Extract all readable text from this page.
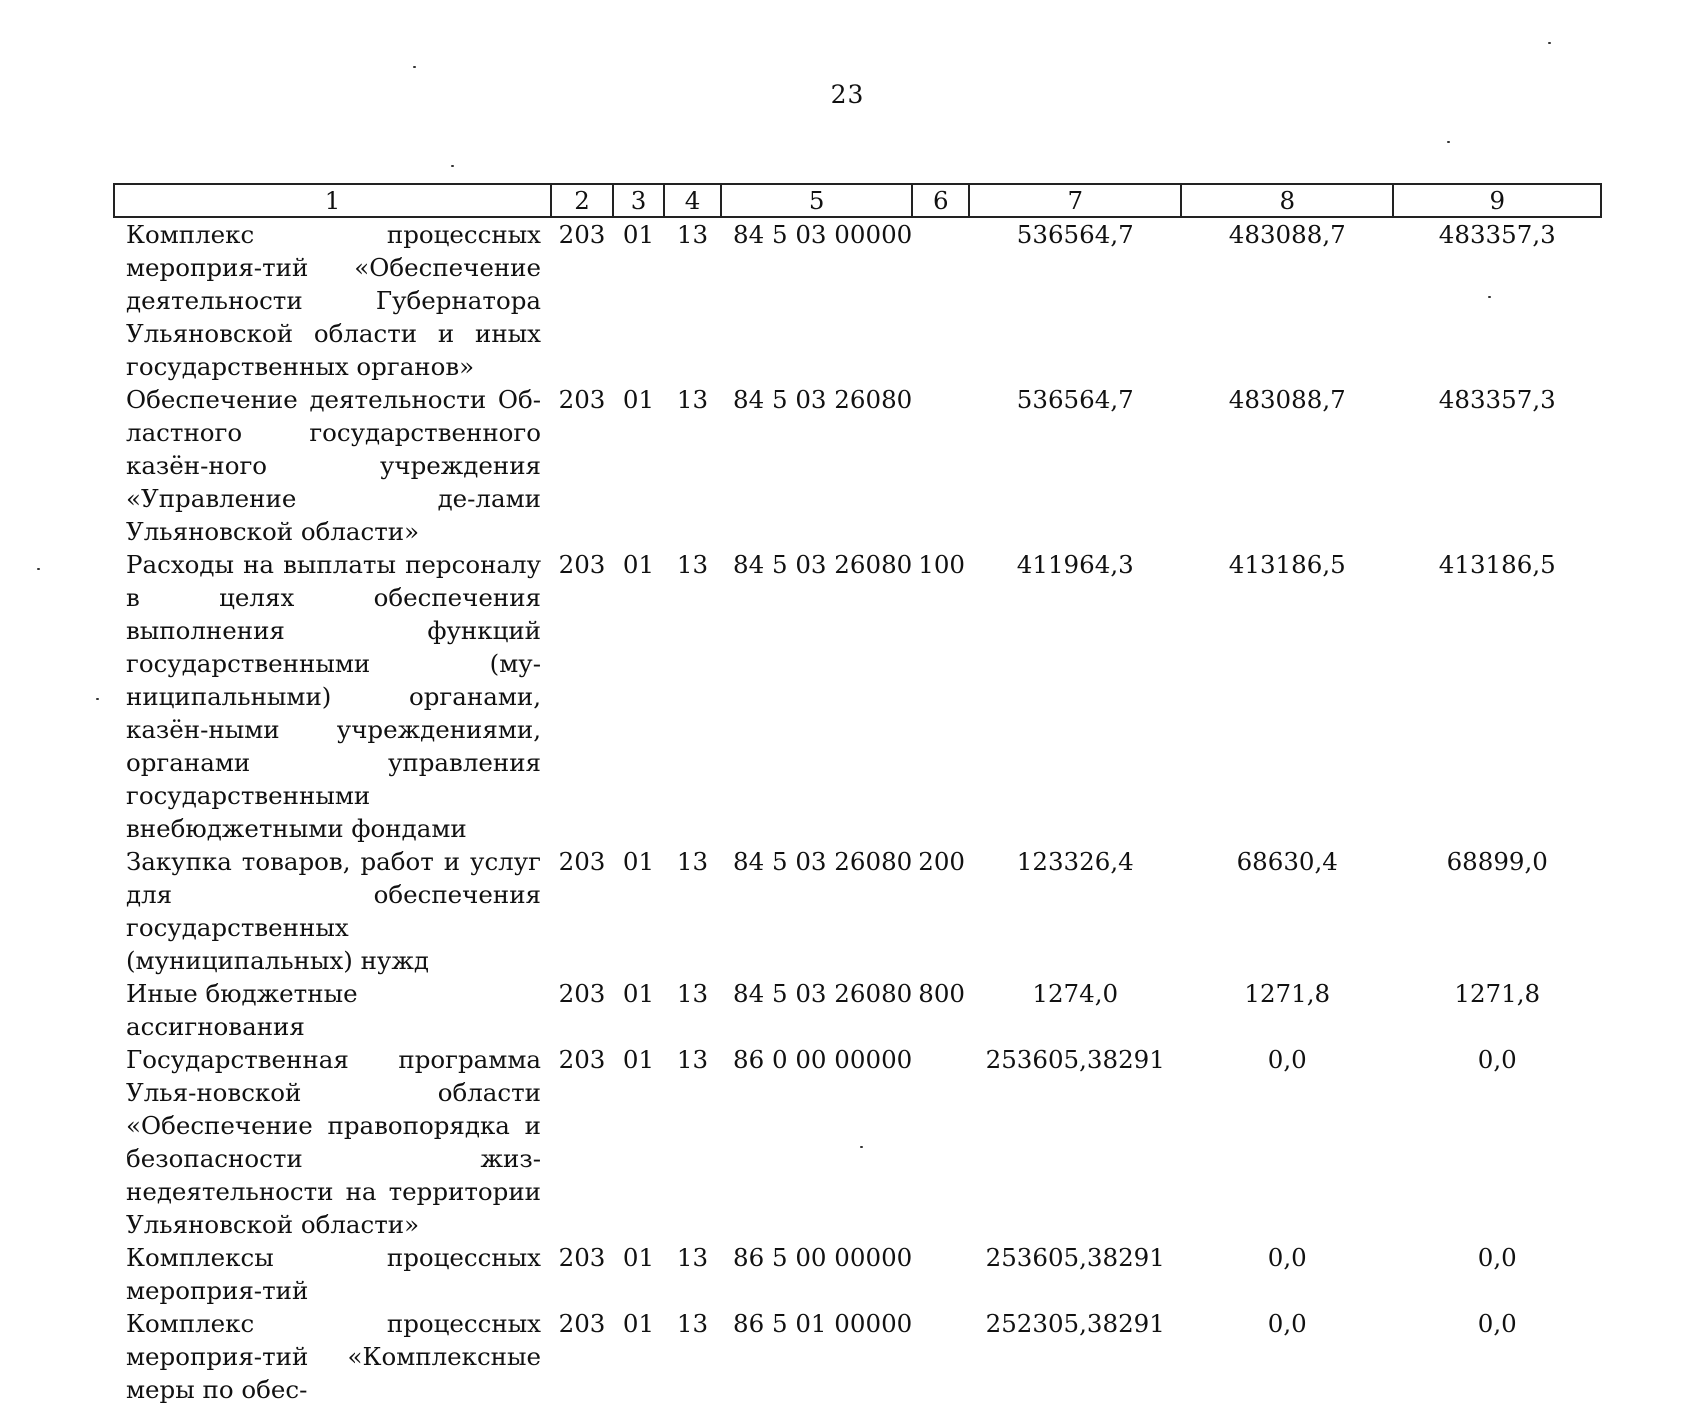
23
1	2	3	4	5	6	7	8	9
Комплекс процессных мероприя-тий «Обеспечение деятельности Губернатора Ульяновской области и иных государственных органов»	203	01	13	84 5 03 00000		536564,7	483088,7	483357,3
Обеспечение деятельности Об-ластного государственного казён-ного учреждения «Управление де-лами Ульяновской области»	203	01	13	84 5 03 26080		536564,7	483088,7	483357,3
Расходы на выплаты персоналу в целях обеспечения выполнения функций государственными (му-ниципальными) органами, казён-ными учреждениями, органами управления государственными внебюджетными фондами	203	01	13	84 5 03 26080	100	411964,3	413186,5	413186,5
Закупка товаров, работ и услуг для обеспечения государственных (муниципальных) нужд	203	01	13	84 5 03 26080	200	123326,4	68630,4	68899,0
Иные бюджетные ассигнования	203	01	13	84 5 03 26080	800	1274,0	1271,8	1271,8
Государственная программа Улья-новской области «Обеспечение правопорядка и безопасности жиз-недеятельности на территории Ульяновской области»	203	01	13	86 0 00 00000		253605,38291	0,0	0,0
Комплексы процессных мероприя-тий	203	01	13	86 5 00 00000		253605,38291	0,0	0,0
Комплекс процессных мероприя-тий «Комплексные меры по обес-	203	01	13	86 5 01 00000		252305,38291	0,0	0,0
